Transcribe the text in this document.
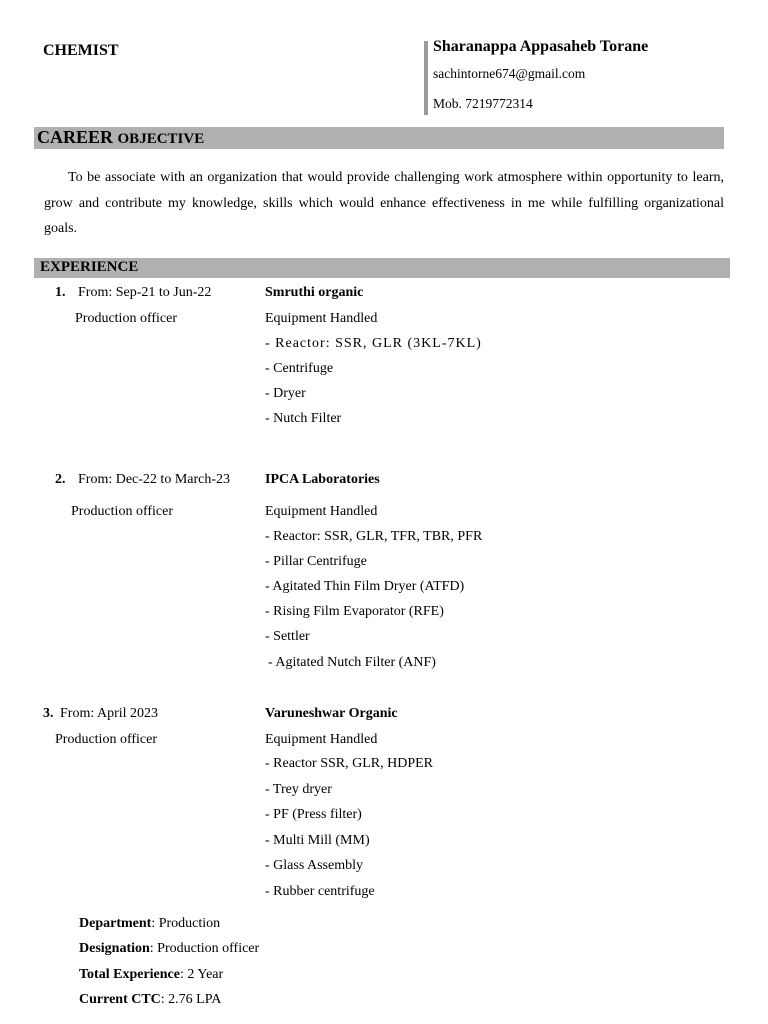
CHEMIST	Sharanappa Appasaheb Torane
sachintorne674@gmail.com
Mob. 7219772314
CAREER OBJECTIVE
To be associate with an organization that would provide challenging work atmosphere within opportunity to learn, grow and contribute my knowledge, skills which would enhance effectiveness in me while fulfilling organizational goals.
EXPERIENCE
1. From: Sep-21 to Jun-22
Production officer
Smruthi organic
Equipment Handled
- Reactor: SSR, GLR (3KL-7KL)
- Centrifuge
- Dryer
- Nutch Filter
2. From: Dec-22 to March-23
Production officer
IPCA Laboratories
Equipment Handled
- Reactor: SSR, GLR, TFR, TBR, PFR
- Pillar Centrifuge
- Agitated Thin Film Dryer (ATFD)
- Rising Film Evaporator (RFE)
- Settler
- Agitated Nutch Filter (ANF)
3. From: April 2023
Production officer
Varuneshwar Organic
Equipment Handled
- Reactor SSR, GLR, HDPER
- Trey dryer
- PF (Press filter)
- Multi Mill (MM)
- Glass Assembly
- Rubber centrifuge
Department: Production
Designation: Production officer
Total Experience: 2 Year
Current CTC: 2.76 LPA
